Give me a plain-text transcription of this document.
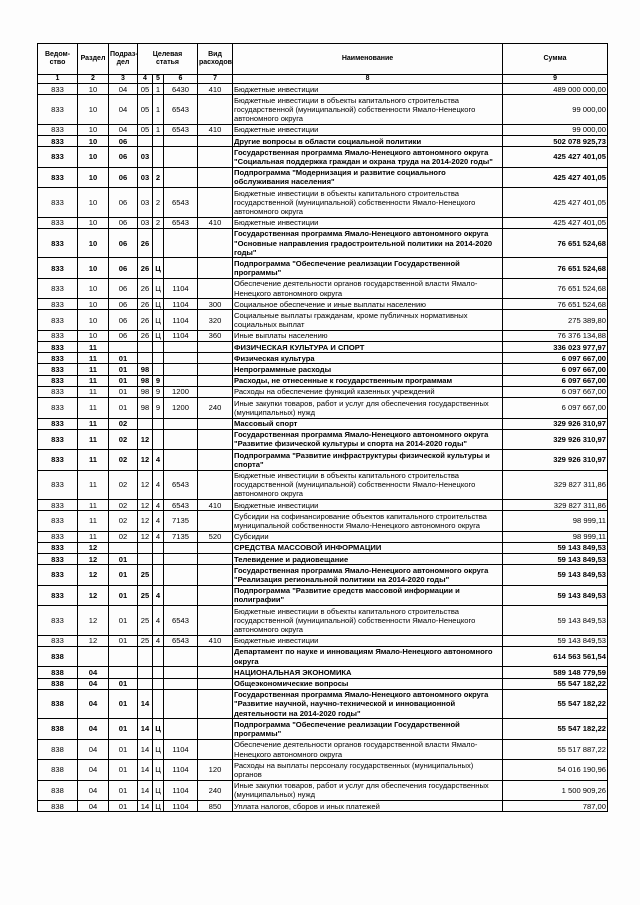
Ведом-ство	Раздел	Подраз-дел	Целевая статья			Вид расходов	Наименование	Сумма
1	2	3	4	5	6	7	8	9
833	10	04	05	1	6430	410	Бюджетные инвестиции	489 000 000,00
833	10	04	05	1	6543		Бюджетные инвестиции в объекты капитального строительства государственной (муниципальной) собственности Ямало-Ненецкого автономного округа	99 000,00
833	10	04	05	1	6543	410	Бюджетные инвестиции	99 000,00
833	10	06					Другие вопросы в области социальной политики	502 078 925,73
833	10	06	03				Государственная программа Ямало-Ненецкого автономного округа "Социальная поддержка граждан и охрана труда на 2014-2020 годы"	425 427 401,05
833	10	06	03	2			Подпрограмма "Модернизация и развитие социального обслуживания населения"	425 427 401,05
833	10	06	03	2	6543		Бюджетные инвестиции в объекты капитального строительства государственной (муниципальной) собственности Ямало-Ненецкого автономного округа	425 427 401,05
833	10	06	03	2	6543	410	Бюджетные инвестиции	425 427 401,05
833	10	06	26				Государственная программа Ямало-Ненецкого автономного округа "Основные направления градостроительной политики на 2014-2020 годы"	76 651 524,68
833	10	06	26	Ц			Подпрограмма "Обеспечение реализации Государственной программы"	76 651 524,68
833	10	06	26	Ц	1104		Обеспечение деятельности органов государственной власти Ямало-Ненецкого автономного округа	76 651 524,68
833	10	06	26	Ц	1104	300	Социальное обеспечение и иные выплаты населению	76 651 524,68
833	10	06	26	Ц	1104	320	Социальные выплаты гражданам, кроме публичных нормативных социальных выплат	275 389,80
833	10	06	26	Ц	1104	360	Иные выплаты населению	76 376 134,88
833	11						ФИЗИЧЕСКАЯ КУЛЬТУРА И СПОРТ	336 023 977,97
833	11	01					Физическая культура	6 097 667,00
833	11	01	98				Непрограммные расходы	6 097 667,00
833	11	01	98	9			Расходы, не отнесенные к государственным программам	6 097 667,00
833	11	01	98	9	1200		Расходы на обеспечение функций казенных учреждений	6 097 667,00
833	11	01	98	9	1200	240	Иные закупки товаров, работ и услуг для обеспечения государственных (муниципальных) нужд	6 097 667,00
833	11	02					Массовый спорт	329 926 310,97
833	11	02	12				Государственная программа Ямало-Ненецкого автономного округа "Развитие физической культуры и спорта на 2014-2020 годы"	329 926 310,97
833	11	02	12	4			Подпрограмма "Развитие инфраструктуры физической культуры и спорта"	329 926 310,97
833	11	02	12	4	6543		Бюджетные инвестиции в объекты капитального строительства государственной (муниципальной) собственности Ямало-Ненецкого автономного округа	329 827 311,86
833	11	02	12	4	6543	410	Бюджетные инвестиции	329 827 311,86
833	11	02	12	4	7135		Субсидии на софинансирование объектов капитального строительства муниципальной собственности Ямало-Ненецкого автономного округа	98 999,11
833	11	02	12	4	7135	520	Субсидии	98 999,11
833	12						СРЕДСТВА МАССОВОЙ ИНФОРМАЦИИ	59 143 849,53
833	12	01					Телевидение и радиовещание	59 143 849,53
833	12	01	25				Государственная программа Ямало-Ненецкого автономного округа "Реализация региональной политики на 2014-2020 годы"	59 143 849,53
833	12	01	25	4			Подпрограмма "Развитие средств массовой информации и полиграфии"	59 143 849,53
833	12	01	25	4	6543		Бюджетные инвестиции в объекты капитального строительства государственной (муниципальной) собственности Ямало-Ненецкого автономного округа	59 143 849,53
833	12	01	25	4	6543	410	Бюджетные инвестиции	59 143 849,53
838							Департамент по науке и инновациям Ямало-Ненецкого автономного округа	614 563 561,54
838	04						НАЦИОНАЛЬНАЯ ЭКОНОМИКА	589 148 779,59
838	04	01					Общеэкономические вопросы	55 547 182,22
838	04	01	14				Государственная программа Ямало-Ненецкого автономного округа "Развитие научной, научно-технической и инновационной деятельности на 2014-2020 годы"	55 547 182,22
838	04	01	14	Ц			Подпрограмма "Обеспечение реализации Государственной программы"	55 547 182,22
838	04	01	14	Ц	1104		Обеспечение деятельности органов государственной власти Ямало-Ненецкого автономного округа	55 517 887,22
838	04	01	14	Ц	1104	120	Расходы на выплаты персоналу государственных (муниципальных) органов	54 016 190,96
838	04	01	14	Ц	1104	240	Иные закупки товаров, работ и услуг для обеспечения государственных (муниципальных) нужд	1 500 909,26
838	04	01	14	Ц	1104	850	Уплата налогов, сборов и иных платежей	787,00
